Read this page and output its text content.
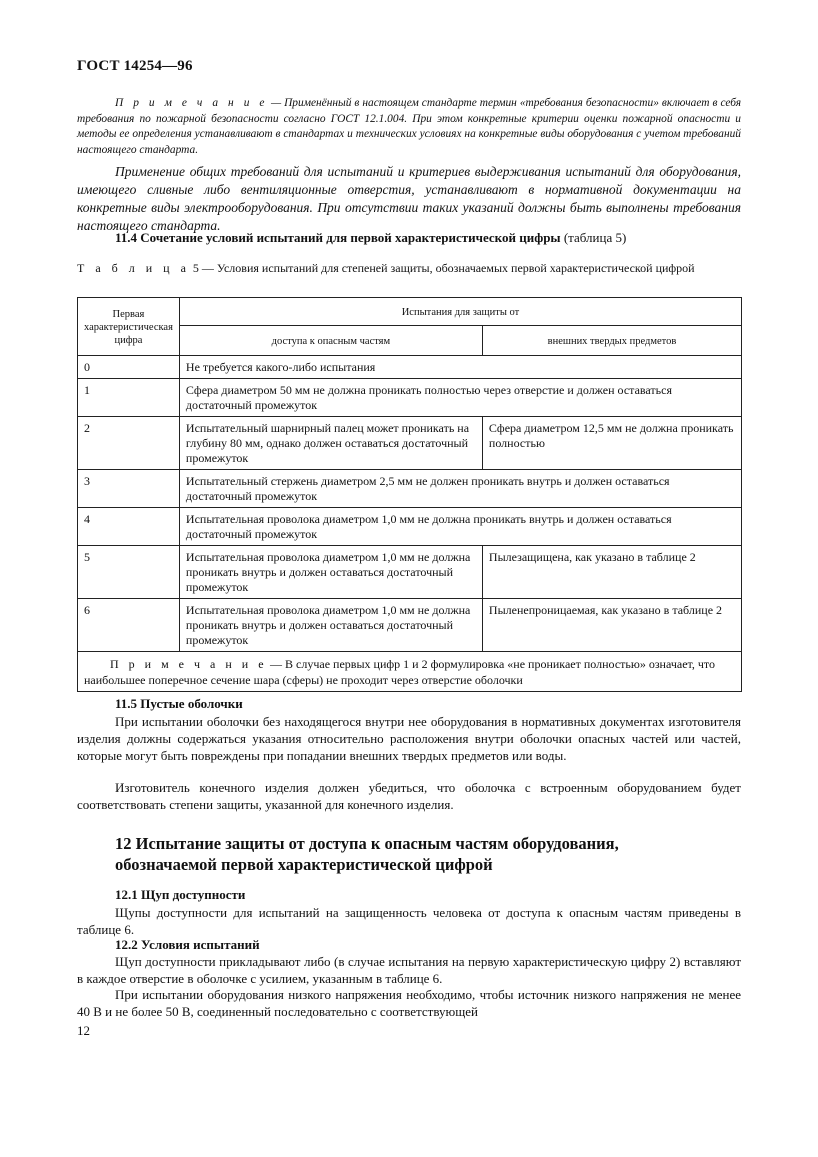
ГОСТ 14254—96

П р и м е ч а н и е — Применённый в настоящем стандарте термин «требования безопасности» включает в себя требования по пожарной безопасности согласно ГОСТ 12.1.004. При этом конкретные критерии оценки пожарной опасности и методы ее определения устанавливают в стандартах и технических условиях на конкретные виды оборудования с учетом требований настоящего стандарта.

Применение общих требований для испытаний и критериев выдерживания испытаний для оборудования, имеющего сливные либо вентиляционные отверстия, устанавливают в нормативной документации на конкретные виды электрооборудования. При отсутствии таких указаний должны быть выполнены требования настоящего стандарта.

11.4 Сочетание условий испытаний для первой характеристической цифры (таблица 5)
Т а б л и ц а 5 — Условия испытаний для степеней защиты, обозначаемых первой характеристической цифрой
Первая характеристическая цифра	Испытания для защиты от	
	доступа к опасным частям	внешних твердых предметов
0	Не требуется какого-либо испытания	
1	Сфера диаметром 50 мм не должна проникать полностью через отверстие и должен оставаться достаточный промежуток	
2	Испытательный шарнирный палец может проникать на глубину 80 мм, однако должен оставаться достаточный промежуток	Сфера диаметром 12,5 мм не должна проникать полностью
3	Испытательный стержень диаметром 2,5 мм не должен проникать внутрь и должен оставаться достаточный промежуток	
4	Испытательная проволока диаметром 1,0 мм не должна проникать внутрь и должен оставаться достаточный промежуток	
5	Испытательная проволока диаметром 1,0 мм не должна проникать внутрь и должен оставаться достаточный промежуток	Пылезащищена, как указано в таблице 2
6	Испытательная проволока диаметром 1,0 мм не должна проникать внутрь и должен оставаться достаточный промежуток	Пыленепроницаемая, как указано в таблице 2
П р и м е ч а н и е — В случае первых цифр 1 и 2 формулировка «не проникает полностью» означает, что наибольшее поперечное сечение шара (сферы) не проходит через отверстие оболочки		
11.5 Пустые оболочки

При испытании оболочки без находящегося внутри нее оборудования в нормативных документах изготовителя изделия должны содержаться указания относительно расположения внутри оболочки опасных частей или частей, которые могут быть повреждены при попадании внешних твердых предметов или воды.

Изготовитель конечного изделия должен убедиться, что оболочка с встроенным оборудованием будет соответствовать степени защиты, указанной для конечного изделия.

12 Испытание защиты от доступа к опасным частям оборудования, обозначаемой первой характеристической цифрой
12.1 Щуп доступности

Щупы доступности для испытаний на защищенность человека от доступа к опасным частям приведены в таблице 6.

12.2 Условия испытаний

Щуп доступности прикладывают либо (в случае испытания на первую характеристическую цифру 2) вставляют в каждое отверстие в оболочке с усилием, указанным в таблице 6.

При испытании оборудования низкого напряжения необходимо, чтобы источник низкого напряжения не менее 40 В и не более 50 В, соединенный последовательно с соответствующей

12
